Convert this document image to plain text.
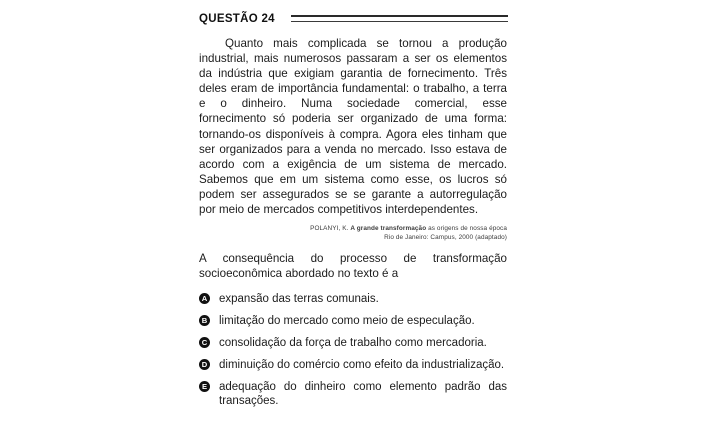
QUESTÃO 24

Quanto mais complicada se tornou a produção industrial, mais numerosos passaram a ser os elementos da indústria que exigiam garantia de fornecimento. Três deles eram de importância fundamental: o trabalho, a terra e o dinheiro. Numa sociedade comercial, esse fornecimento só poderia ser organizado de uma forma: tornando-os disponíveis à compra. Agora eles tinham que ser organizados para a venda no mercado. Isso estava de acordo com a exigência de um sistema de mercado. Sabemos que em um sistema como esse, os lucros só podem ser assegurados se se garante a autorregulação por meio de mercados competitivos interdependentes.

POLANYI, K. A grande transformação as origens de nossa época
Rio de Janeiro: Campus, 2000 (adaptado)

A consequência do processo de transformação socioeconômica abordado no texto é a

A expansão das terras comunais.
B limitação do mercado como meio de especulação.
C consolidação da força de trabalho como mercadoria.
D diminuição do comércio como efeito da industrialização.
E adequação do dinheiro como elemento padrão das transações.
